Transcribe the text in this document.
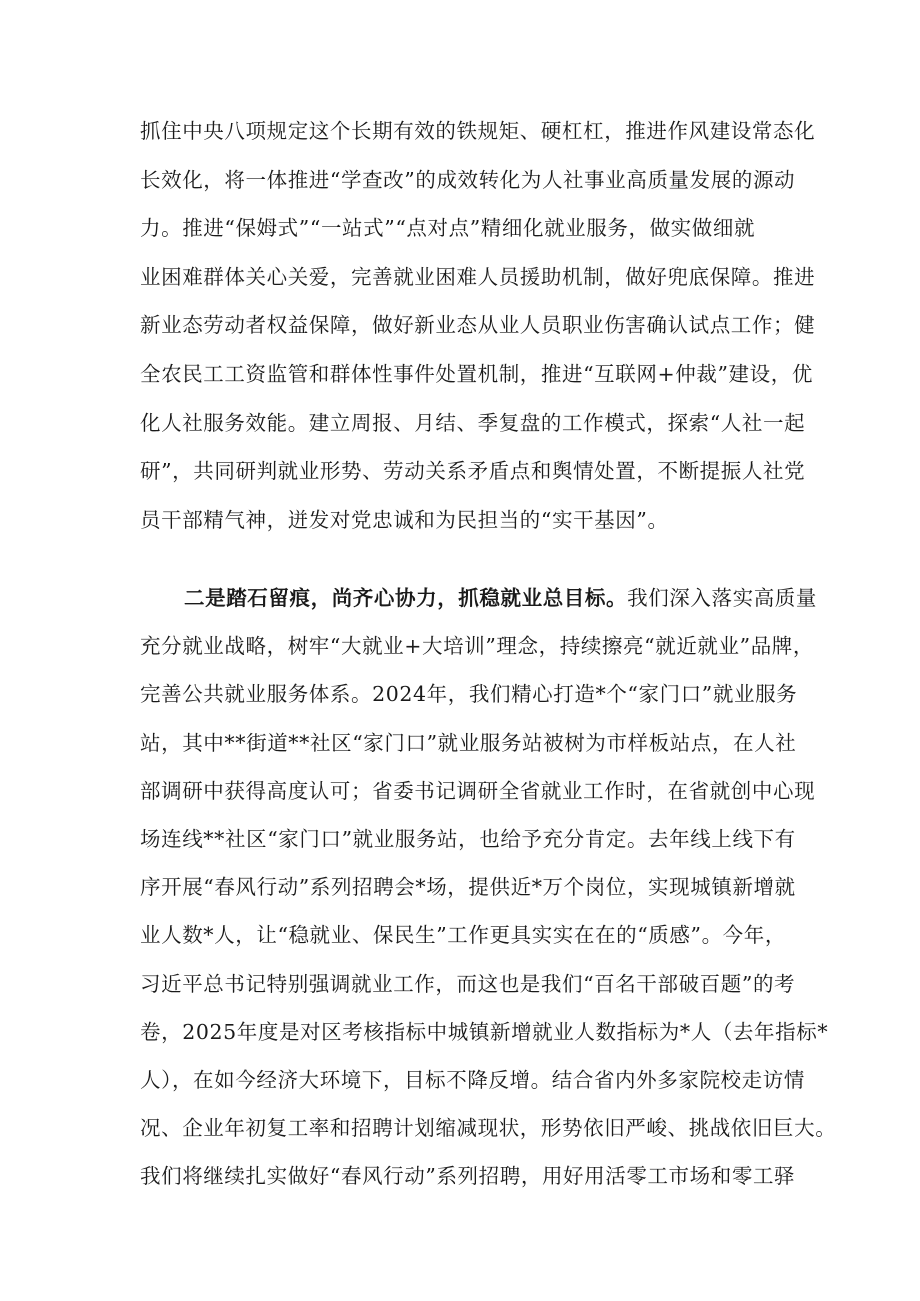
抓住中央八项规定这个长期有效的铁规矩、硬杠杠，推进作风建设常态化
长效化，将一体推进“学查改”的成效转化为人社事业高质量发展的源动
力。推进“保姆式”“一站式”“点对点”精细化就业服务，做实做细就
业困难群体关心关爱，完善就业困难人员援助机制，做好兜底保障。推进
新业态劳动者权益保障，做好新业态从业人员职业伤害确认试点工作；健
全农民工工资监管和群体性事件处置机制，推进“互联网+仲裁”建设，优
化人社服务效能。建立周报、月结、季复盘的工作模式，探索“人社一起
研”，共同研判就业形势、劳动关系矛盾点和舆情处置，不断提振人社党
员干部精气神，迸发对党忠诚和为民担当的“实干基因”。
二是踏石留痕，尚齐心协力，抓稳就业总目标。我们深入落实高质量
充分就业战略，树牢“大就业+大培训”理念，持续擦亮“就近就业”品牌，
完善公共就业服务体系。2024年，我们精心打造*个“家门口”就业服务
站，其中**街道**社区“家门口”就业服务站被树为市样板站点，在人社
部调研中获得高度认可；省委书记调研全省就业工作时，在省就创中心现
场连线**社区“家门口”就业服务站，也给予充分肯定。去年线上线下有
序开展“春风行动”系列招聘会*场，提供近*万个岗位，实现城镇新增就
业人数*人，让“稳就业、保民生”工作更具实实在在的“质感”。今年，
习近平总书记特别强调就业工作，而这也是我们“百名干部破百题”的考
卷，2025年度是对区考核指标中城镇新增就业人数指标为*人（去年指标*
人），在如今经济大环境下，目标不降反增。结合省内外多家院校走访情
况、企业年初复工率和招聘计划缩减现状，形势依旧严峻、挑战依旧巨大。
我们将继续扎实做好“春风行动”系列招聘，用好用活零工市场和零工驿
